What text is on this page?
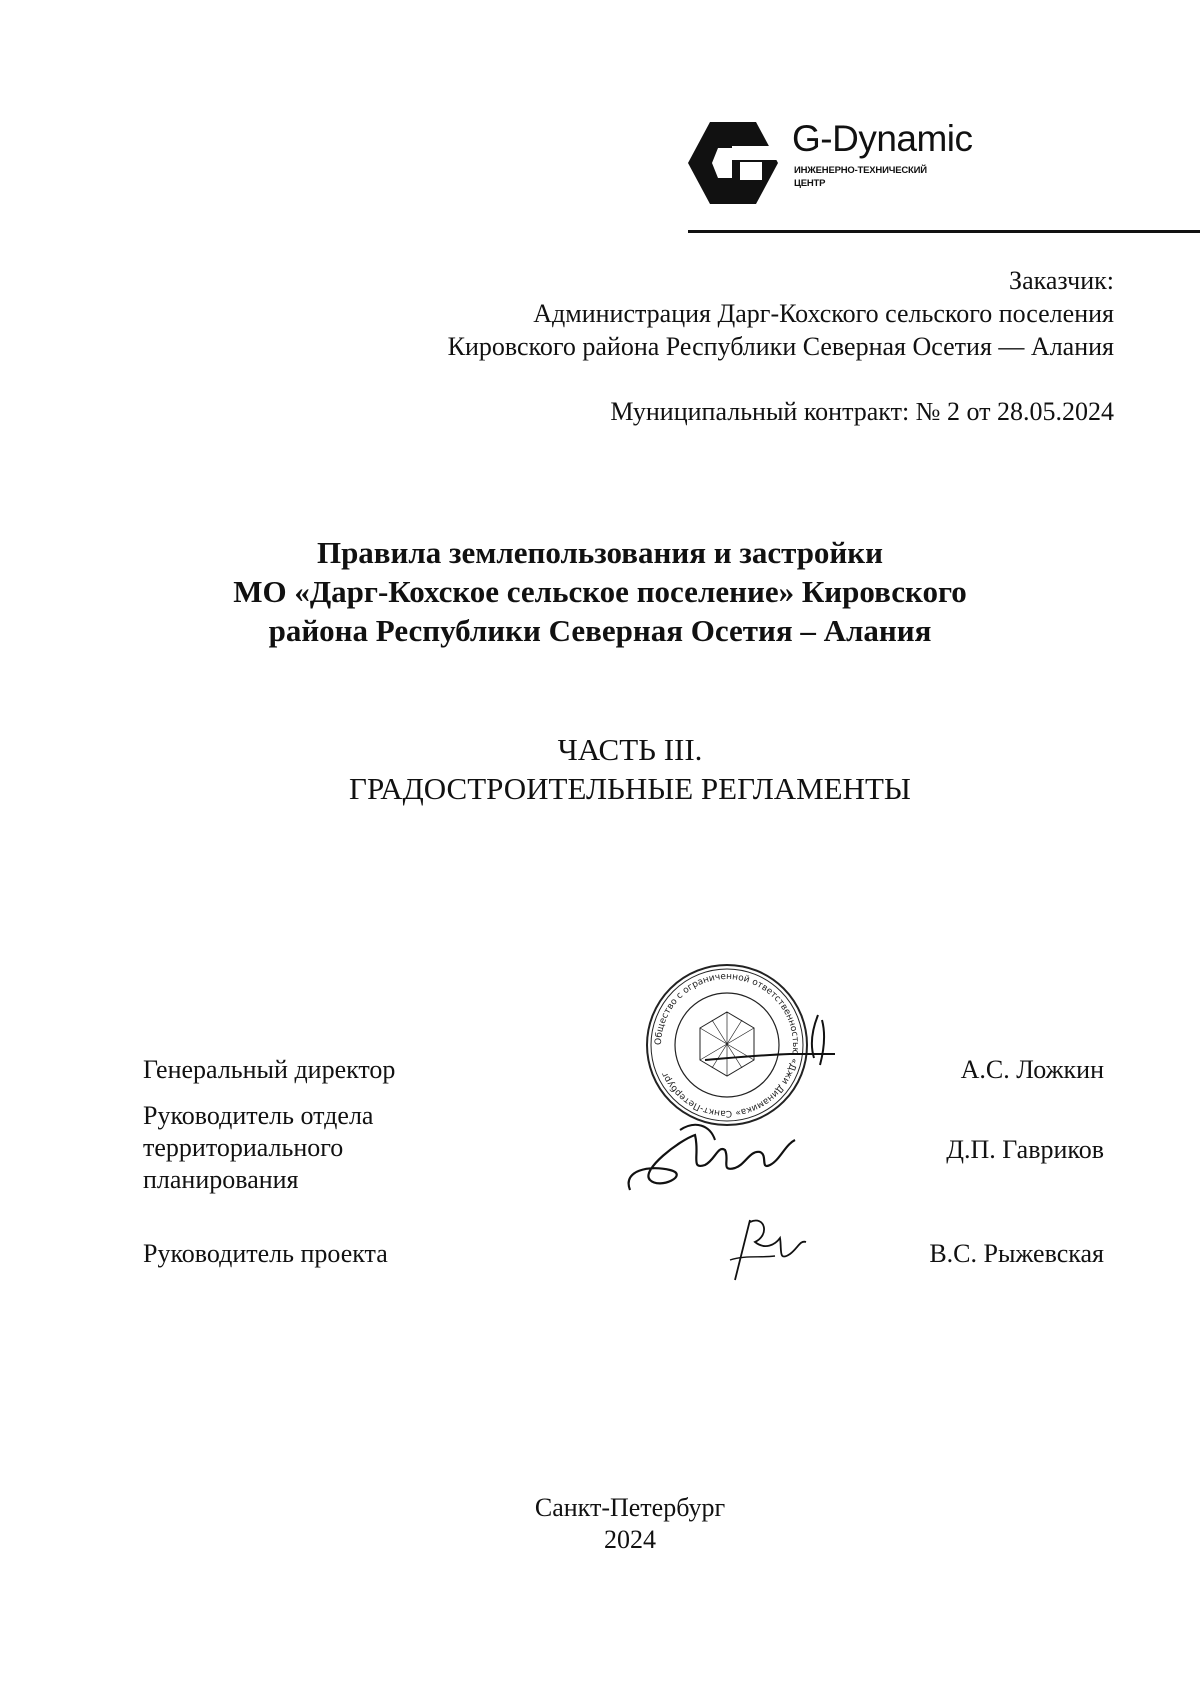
G-Dynamic
ИНЖЕНЕРНО-ТЕХНИЧЕСКИЙ
ЦЕНТР
Заказчик:
Администрация Дарг-Кохского сельского поселения
Кировского района Республики Северная Осетия — Алания
Муниципальный контракт: № 2 от 28.05.2024
Правила землепользования и застройки
МО «Дарг-Кохское сельское поселение» Кировского
района Республики Северная Осетия – Алания
ЧАСТЬ III.
ГРАДОСТРОИТЕЛЬНЫЕ РЕГЛАМЕНТЫ
Общество с ограниченной ответственностью «Джи Динамика» Санкт-Петербург
Генеральный директор	А.С. Ложкин
Руководитель отдела
территориального
планирования
Д.П. Гавриков
Руководитель проекта	В.С. Рыжевская
Санкт-Петербург
2024
